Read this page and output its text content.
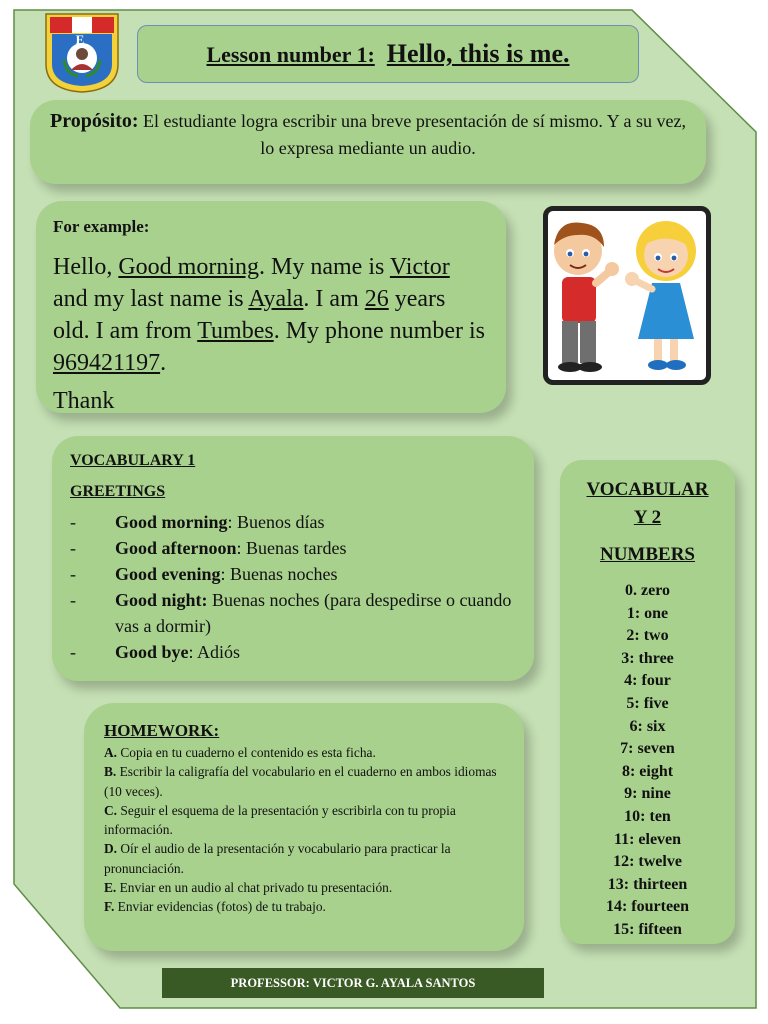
I E
Lesson number 1: Hello, this is me.
Propósito: El estudiante logra escribir una breve presentación de sí mismo. Y a su vez, lo expresa mediante un audio.
For example:
Hello, Good morning. My name is Victor and my last name is Ayala. I am 26 years old. I am from Tumbes. My phone number is 969421197.
Thank
VOCABULARY 1
GREETINGS
-	Good morning: Buenos días
-	Good afternoon: Buenas tardes
-	Good evening: Buenas noches
-	Good night: Buenas noches (para despedirse o cuando vas a dormir)
-	Good bye: Adiós
VOCABULAR
Y 2
NUMBERS
0. zero
1: one
2: two
3: three
4: four
5: five
6: six
7: seven
8: eight
9: nine
10: ten
11: eleven
12: twelve
13: thirteen
14: fourteen
15: fifteen
HOMEWORK:
A. Copia en tu cuaderno el contenido es esta ficha.
B. Escribir la caligrafía del vocabulario en el cuaderno en ambos idiomas (10 veces).
C. Seguir el esquema de la presentación y escribirla con tu propia información.
D. Oír el audio de la presentación y vocabulario para practicar la pronunciación.
E. Enviar en un audio al chat privado tu presentación.
F. Enviar evidencias (fotos) de tu trabajo.
PROFESSOR: VICTOR G. AYALA SANTOS
